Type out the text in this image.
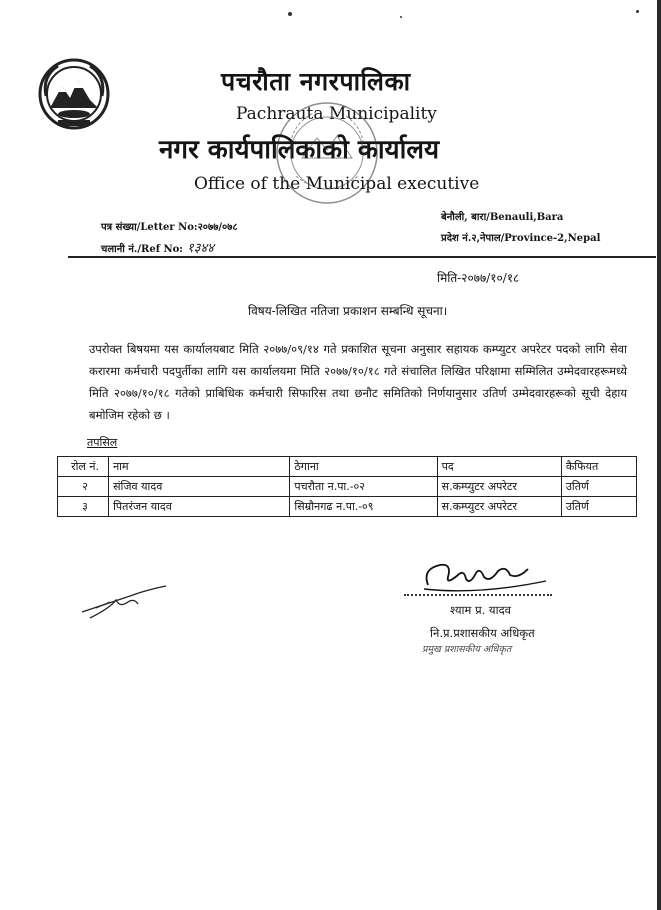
पचरौता नगरपालिका
Pachrauta Municipality
नगर कार्यपालिकाको कार्यालय
Office of the Municipal executive
पत्र संख्या/Letter No:२०७७/०७८
चलानी नं./Ref No: १३४४
बेनौली, बारा/Benauli,Bara
प्रदेश नं.२,नेपाल/Province-2,Nepal
मिति-२०७७/१०/१८
विषय-लिखित नतिजा प्रकाशन सम्बन्धि सूचना।
उपरोक्त बिषयमा यस कार्यालयबाट मिति २०७७/०९/१४ गते प्रकाशित सूचना अनुसार सहायक कम्प्युटर अपरेटर पदको लागि सेवा करारमा कर्मचारी पदपुर्तीका लागि यस कार्यालयमा मिति २०७७/१०/१८ गते संचालित लिखित परिक्षामा सम्मिलित उम्मेदवारहरूमध्ये मिति २०७७/१०/१८ गतेको प्राबिधिक कर्मचारी सिफारिस तथा छनौट समितिको निर्णयानुसार उतिर्ण उम्मेदवारहरूको सूची देहाय बमोजिम रहेको छ ।
तपसिल
रोल नं.	नाम	ठेगाना	पद	कैफियत
२	संजिव यादव	पचरौता न.पा.-०२	स.कम्प्युटर अपरेटर	उतिर्ण
३	पितरंजन यादव	सिम्रौनगढ न.पा.-०९	स.कम्प्युटर अपरेटर	उतिर्ण
श्याम प्र. यादव
नि.प्र.प्रशासकीय अधिकृत
प्रमुख प्रशासकीय अधिकृत
